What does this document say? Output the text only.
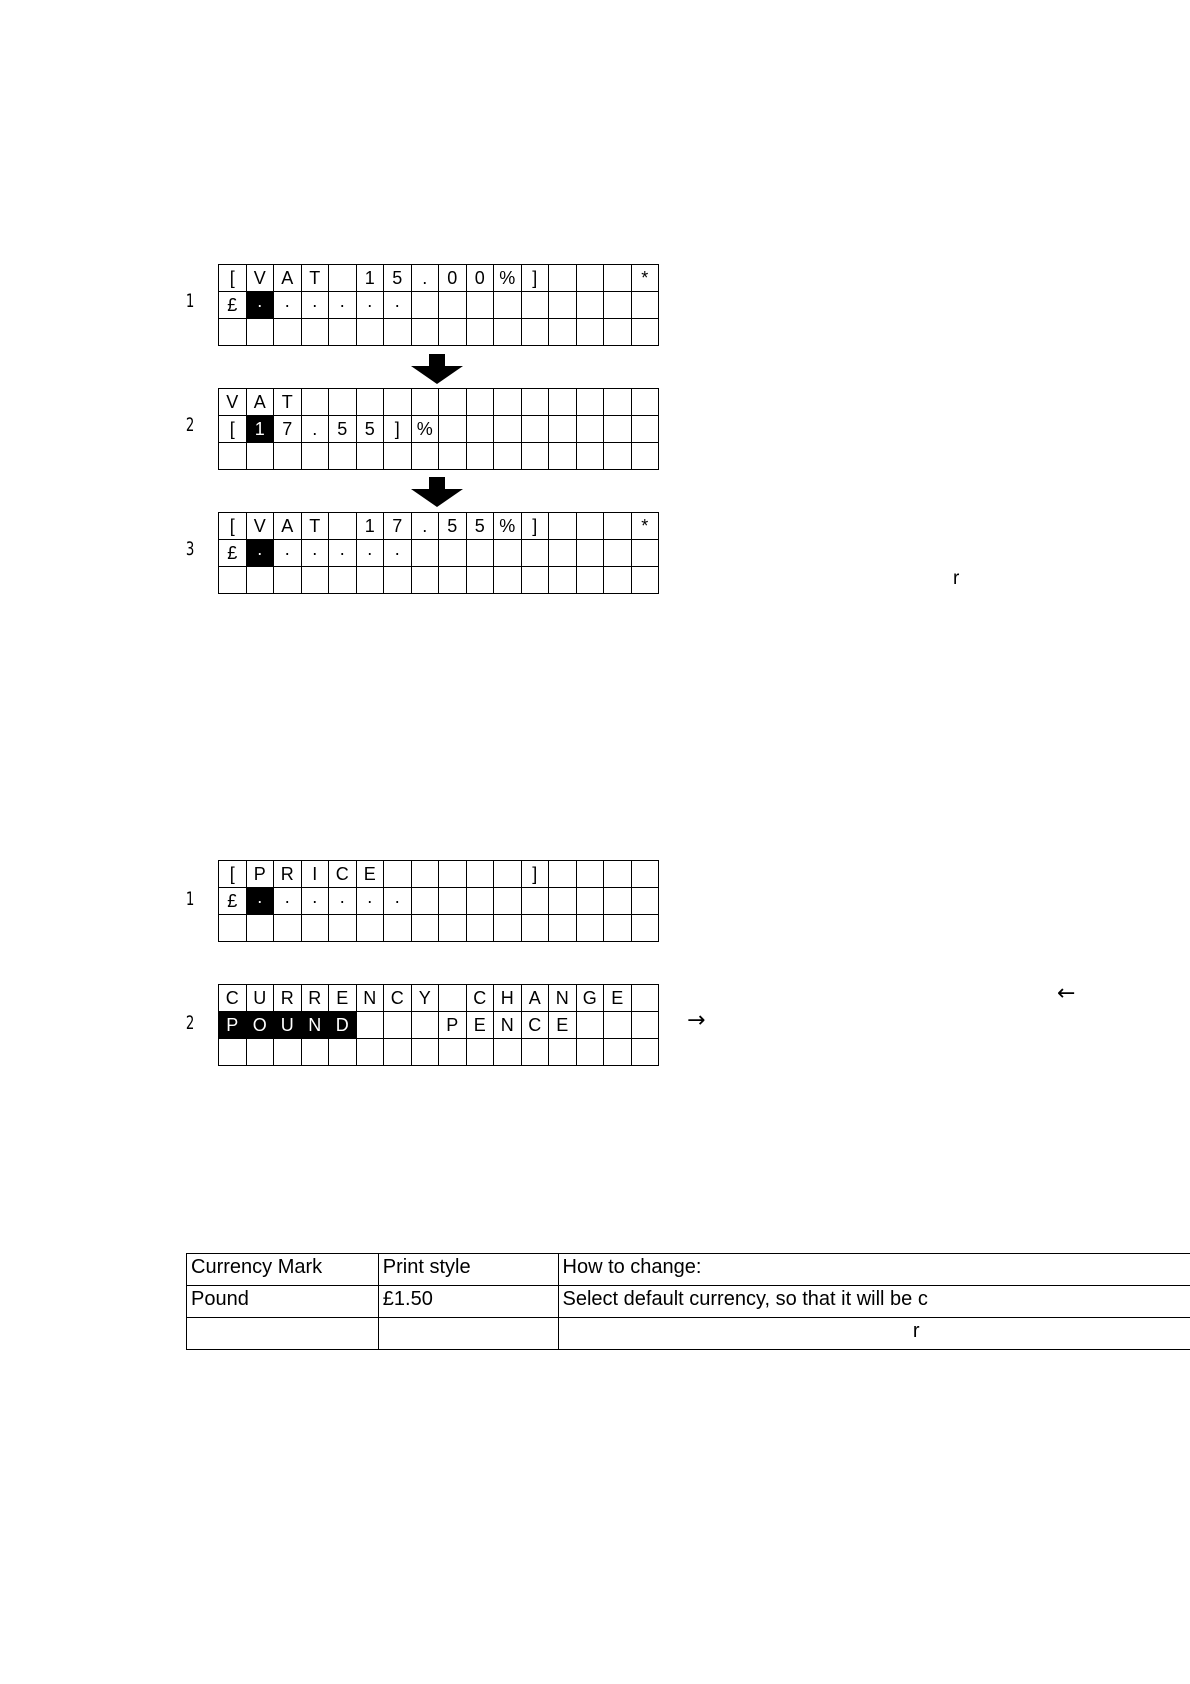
1
[	V	A	T		1	5	.	0	0	%	]				*
£	·	·	·	·	·	·									

2
V	A	T													
[	1	7	.	5	5	]	%								

3
[	V	A	T		1	7	.	5	5	%	]				*
£	·	·	·	·	·	·									

r
1
[	P	R	I	C	E						]				
£	·	·	·	·	·	·									

2
C	U	R	R	E	N	C	Y		C	H	A	N	G	E	
P	O	U	N	D				P	E	N	C	E			

←
→
Currency Mark	Print style	How to change:
Pound	£1.50	Select default currency, so that it will be c
		r
